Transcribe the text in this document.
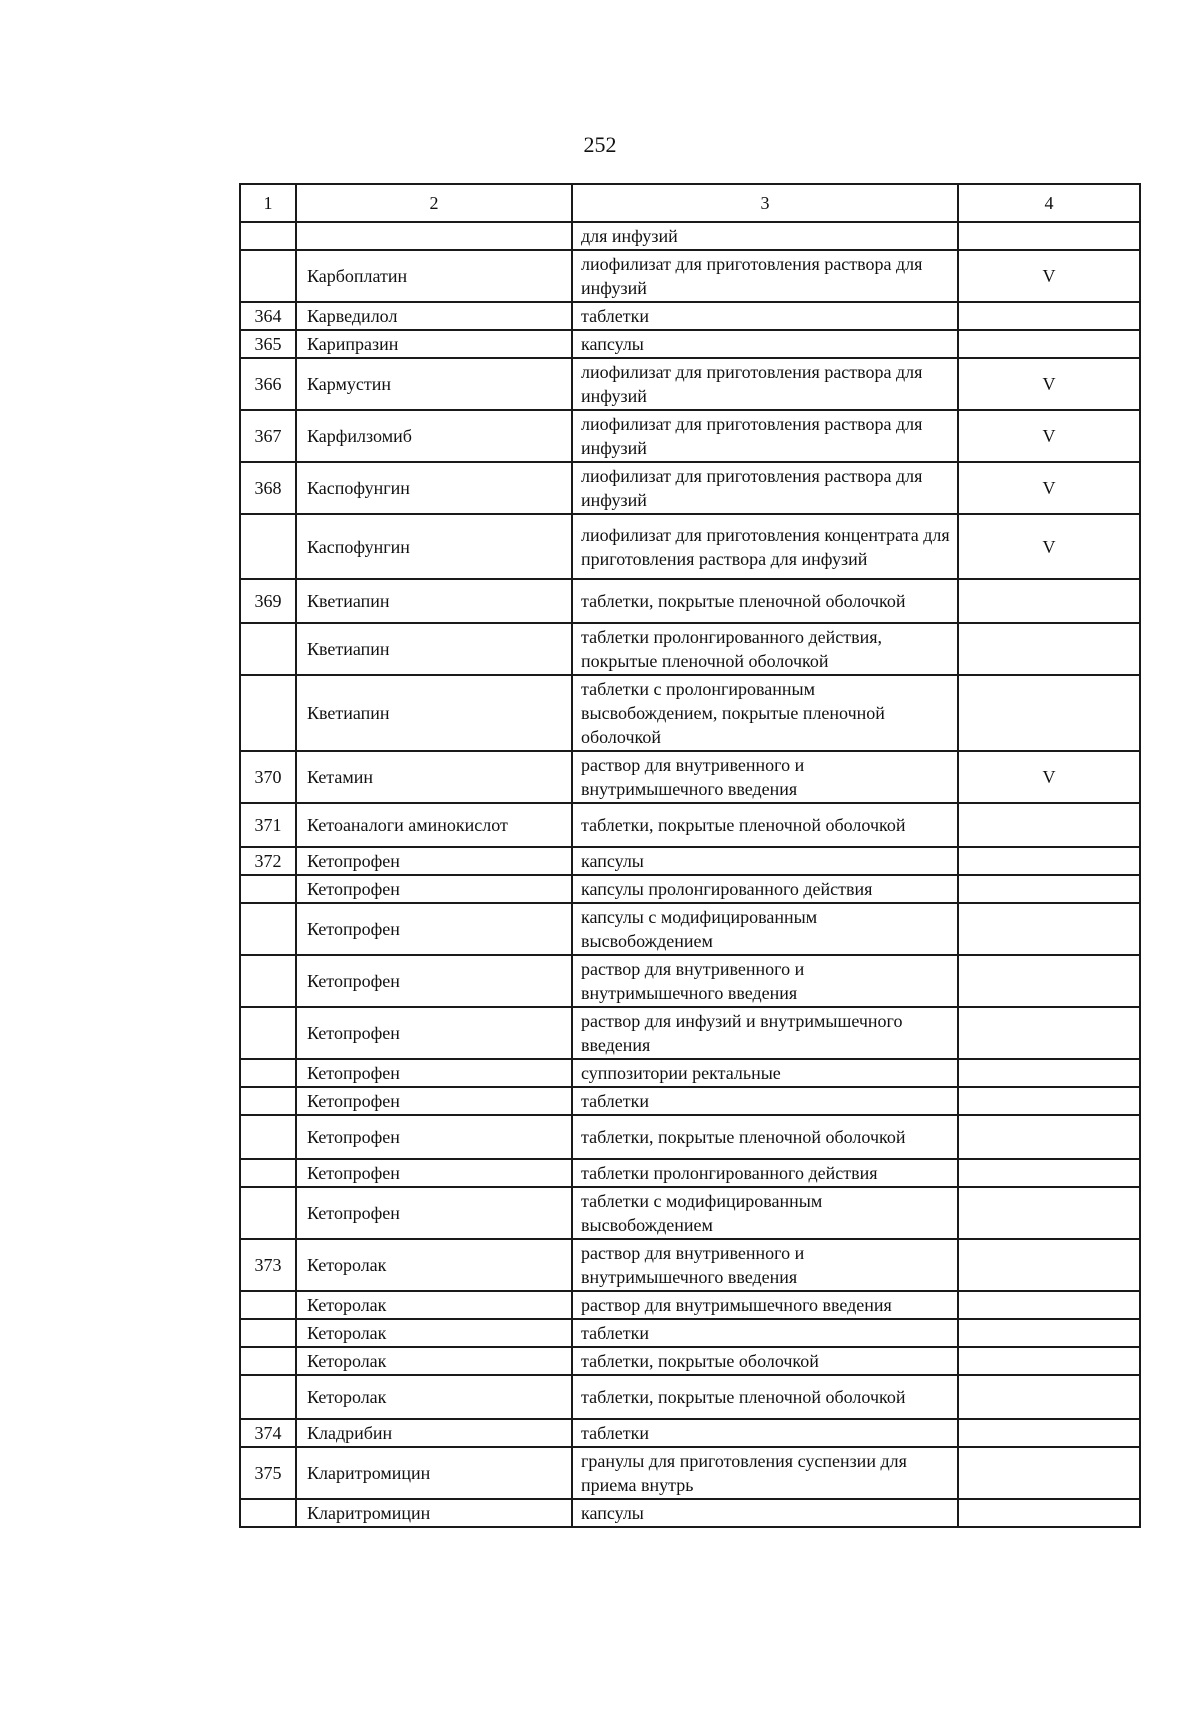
252
1	2	3	4
		для инфузий	
	Карбоплатин	лиофилизат для приготовления раствора для инфузий	V
364	Карведилол	таблетки	
365	Карипразин	капсулы	
366	Кармустин	лиофилизат для приготовления раствора для инфузий	V
367	Карфилзомиб	лиофилизат для приготовления раствора для инфузий	V
368	Каспофунгин	лиофилизат для приготовления раствора для инфузий	V
	Каспофунгин	лиофилизат для приготовления концентрата для приготовления раствора для инфузий	V
369	Кветиапин	таблетки, покрытые пленочной оболочкой	
	Кветиапин	таблетки пролонгированного действия, покрытые пленочной оболочкой	
	Кветиапин	таблетки с пролонгированным высвобождением, покрытые пленочной оболочкой	
370	Кетамин	раствор для внутривенного и внутримышечного введения	V
371	Кетоаналоги аминокислот	таблетки, покрытые пленочной оболочкой	
372	Кетопрофен	капсулы	
	Кетопрофен	капсулы пролонгированного действия	
	Кетопрофен	капсулы с модифицированным высвобождением	
	Кетопрофен	раствор для внутривенного и внутримышечного введения	
	Кетопрофен	раствор для инфузий и внутримышечного введения	
	Кетопрофен	суппозитории ректальные	
	Кетопрофен	таблетки	
	Кетопрофен	таблетки, покрытые пленочной оболочкой	
	Кетопрофен	таблетки пролонгированного действия	
	Кетопрофен	таблетки с модифицированным высвобождением	
373	Кеторолак	раствор для внутривенного и внутримышечного введения	
	Кеторолак	раствор для внутримышечного введения	
	Кеторолак	таблетки	
	Кеторолак	таблетки, покрытые оболочкой	
	Кеторолак	таблетки, покрытые пленочной оболочкой	
374	Кладрибин	таблетки	
375	Кларитромицин	гранулы для приготовления суспензии для приема внутрь	
	Кларитромицин	капсулы	
